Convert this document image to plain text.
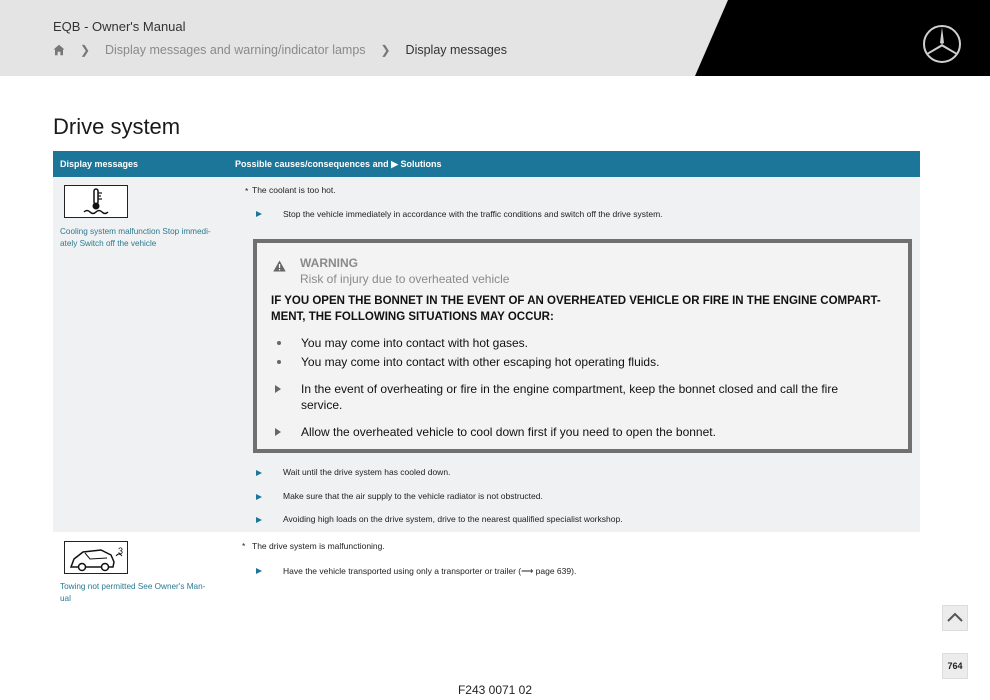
EQB - Owner's Manual
❯ Display messages and warning/indicator lamps ❯ Display messages
Drive system
Display messages	Possible causes/consequences and ▶ Solutions
Cooling system malfunction Stop immedi-
ately Switch off the vehicle
* The coolant is too hot.
Stop the vehicle immediately in accordance with the traffic conditions and switch off the drive system.
WARNING
Risk of injury due to overheated vehicle
IF YOU OPEN THE BONNET IN THE EVENT OF AN OVERHEATED VEHICLE OR FIRE IN THE ENGINE COMPART-
MENT, THE FOLLOWING SITUATIONS MAY OCCUR:
You may come into contact with hot gases.
You may come into contact with other escaping hot operating fluids.
In the event of overheating or fire in the engine compartment, keep the bonnet closed and call the fire
service.
Allow the overheated vehicle to cool down first if you need to open the bonnet.
Wait until the drive system has cooled down.
Make sure that the air supply to the vehicle radiator is not obstructed.
Avoiding high loads on the drive system, drive to the nearest qualified specialist workshop.
3
Towing not permitted See Owner's Man-
ual
* The drive system is malfunctioning.
Have the vehicle transported using only a transporter or trailer (⟶ page 639).
764
F243 0071 02
